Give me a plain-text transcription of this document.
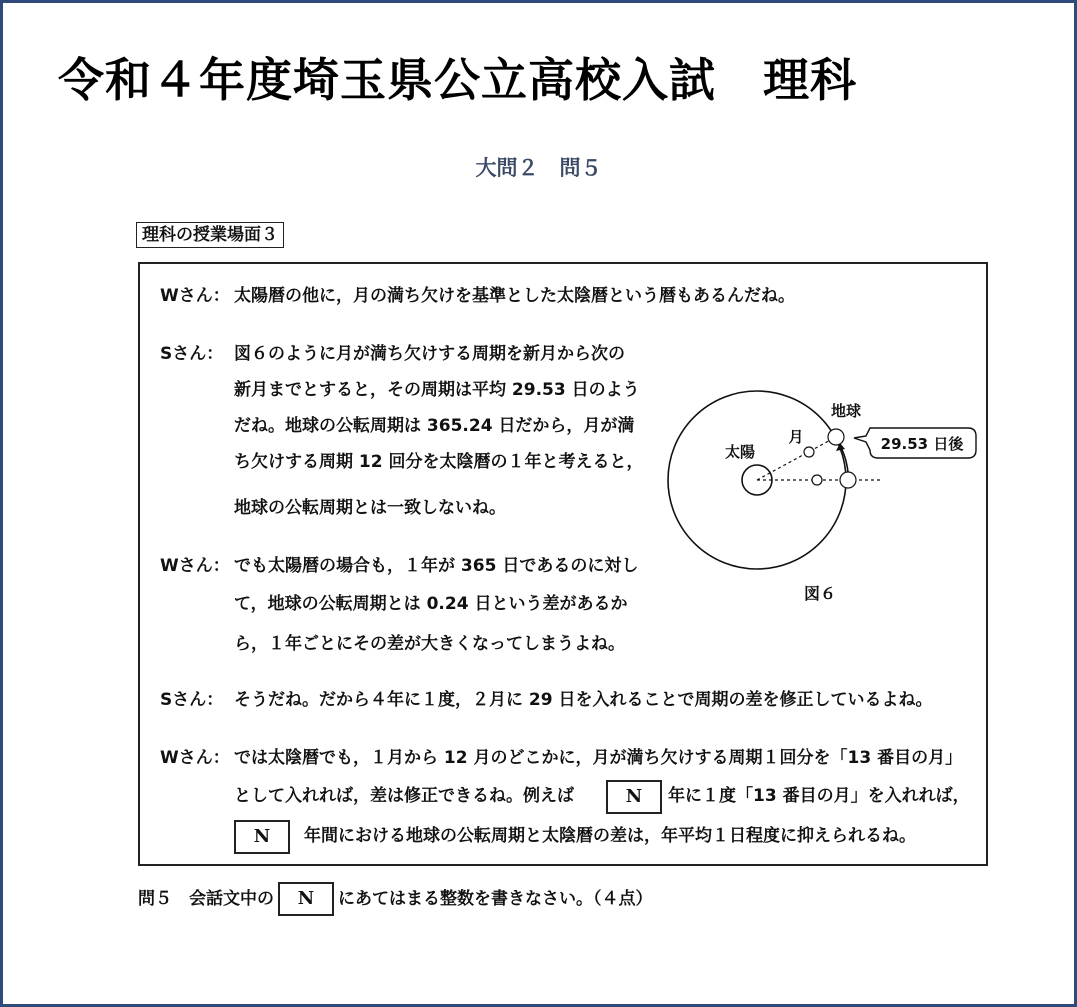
令和４年度埼玉県公立高校入試　理科
大問２　問５
理科の授業場面３
Wさん： 太陽暦の他に，月の満ち欠けを基準とした太陰暦という暦もあるんだね。
Sさん： 図６のように月が満ち欠けする周期を新月から次の
新月までとすると，その周期は平均 29.53 日のよう
だね。地球の公転周期は 365.24 日だから，月が満
ち欠けする周期 12 回分を太陰暦の１年と考えると，
地球の公転周期とは一致しないね。
Wさん： でも太陽暦の場合も，１年が 365 日であるのに対し
て，地球の公転周期とは 0.24 日という差があるか
ら，１年ごとにその差が大きくなってしまうよね。
Sさん： そうだね。だから４年に１度，２月に 29 日を入れることで周期の差を修正しているよね。
Wさん： では太陰暦でも，１月から 12 月のどこかに，月が満ち欠けする周期１回分を「13 番目の月」
として入れれば，差は修正できるね。例えば	N	年に１度「13 番目の月」を入れれば，
N	年間における地球の公転周期と太陰暦の差は，年平均１日程度に抑えられるね。
太陽
月
地球
29.53 日後
図６
問５　会話文中の N にあてはまる整数を書きなさい。（４点）
